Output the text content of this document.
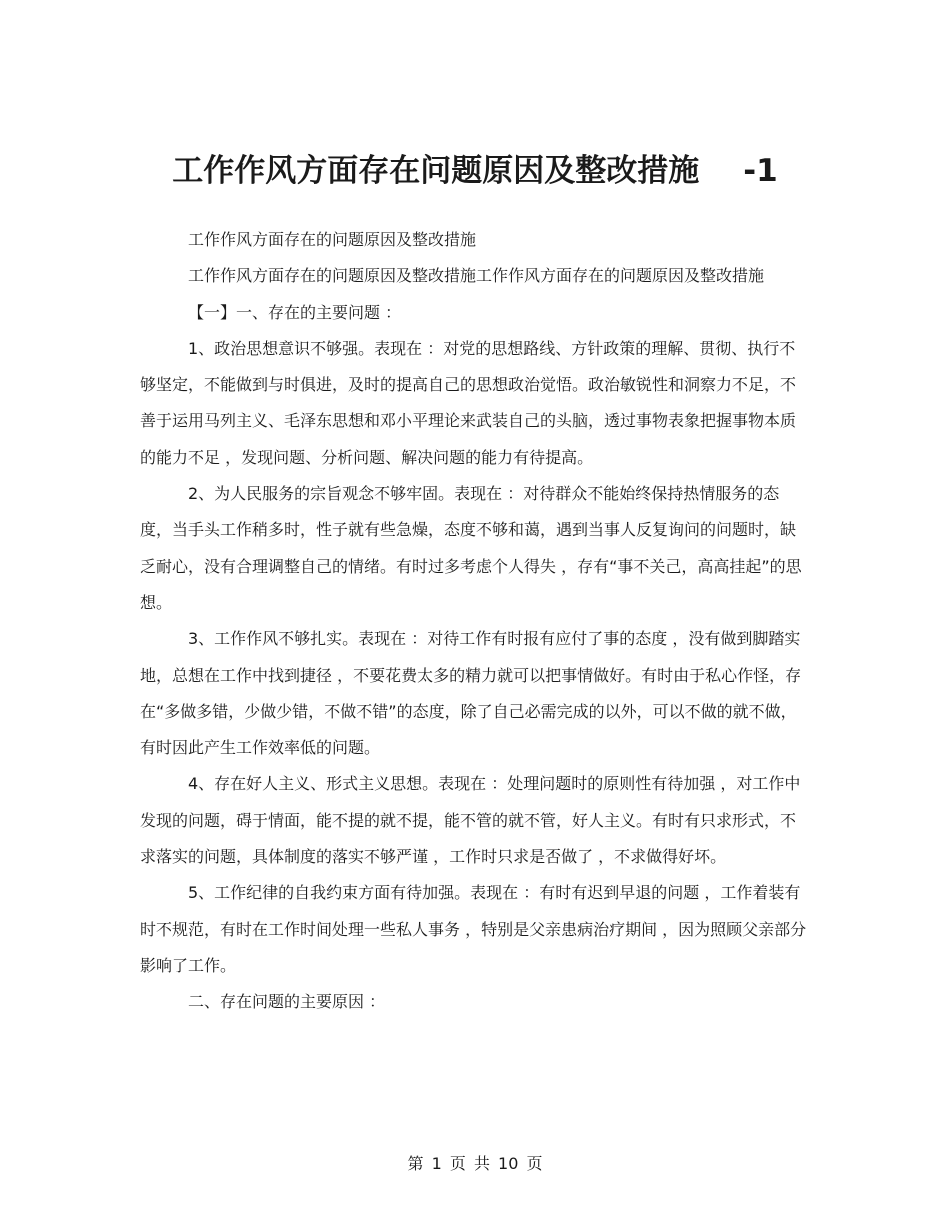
工作作风方面存在问题原因及整改措施 -1

工作作风方面存在的问题原因及整改措施

工作作风方面存在的问题原因及整改措施工作作风方面存在的问题原因及整改措施

【一】一、存在的主要问题 ：

1、政治思想意识不够强。表现在 ：对党的思想路线、方针政策的理解、贯彻、执行不够坚定，不能做到与时俱进，及时的提高自己的思想政治觉悟。政治敏锐性和洞察力不足，不善于运用马列主义、毛泽东思想和邓小平理论来武装自己的头脑，透过事物表象把握事物本质的能力不足 ，发现问题、分析问题、解决问题的能力有待提高。

2、为人民服务的宗旨观念不够牢固。表现在 ：对待群众不能始终保持热情服务的态度，当手头工作稍多时，性子就有些急燥，态度不够和蔼，遇到当事人反复询问的问题时，缺乏耐心，没有合理调整自己的情绪。有时过多考虑个人得失 ，存有“事不关己，高高挂起”的思想。

3、工作作风不够扎实。表现在 ：对待工作有时报有应付了事的态度 ，没有做到脚踏实地，总想在工作中找到捷径 ，不要花费太多的精力就可以把事情做好。有时由于私心作怪，存在“多做多错，少做少错，不做不错”的态度，除了自己必需完成的以外，可以不做的就不做，有时因此产生工作效率低的问题。

4、存在好人主义、形式主义思想。表现在 ：处理问题时的原则性有待加强 ，对工作中发现的问题，碍于情面，能不提的就不提，能不管的就不管，好人主义。有时有只求形式，不求落实的问题，具体制度的落实不够严谨 ，工作时只求是否做了 ，不求做得好坏。

5、工作纪律的自我约束方面有待加强。表现在 ：有时有迟到早退的问题 ，工作着装有时不规范，有时在工作时间处理一些私人事务 ，特别是父亲患病治疗期间 ，因为照顾父亲部分影响了工作。

二、存在问题的主要原因 ：

第 1 页 共 10 页
